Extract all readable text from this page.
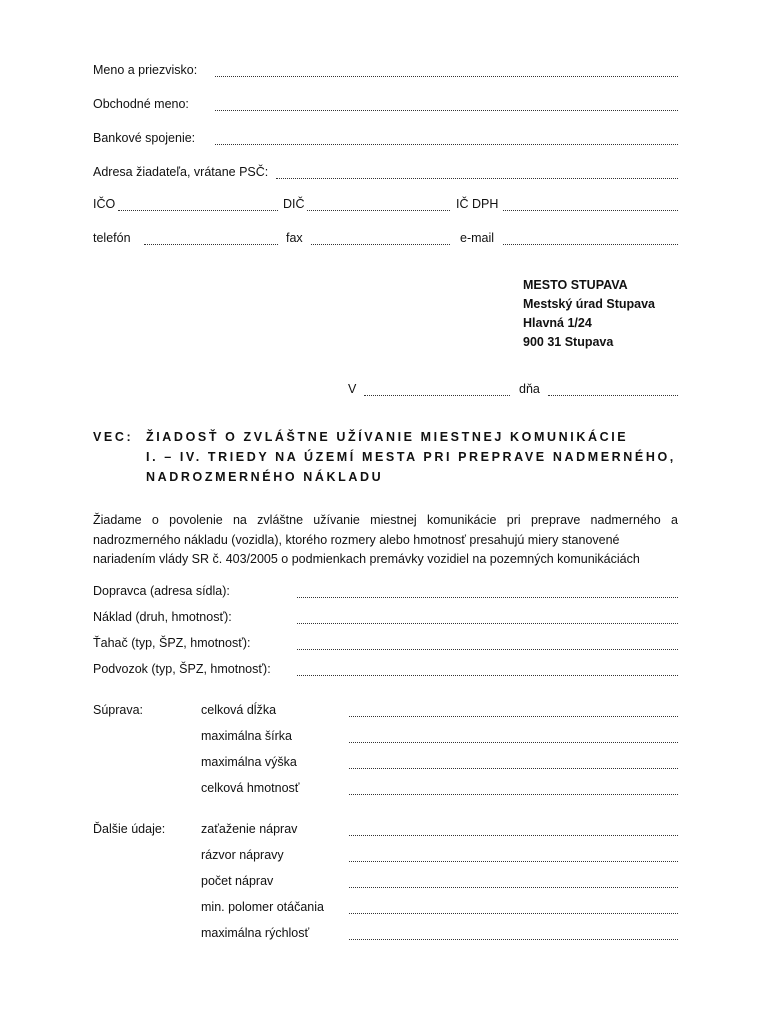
Meno a priezvisko:
Obchodné meno:
Bankové spojenie:
Adresa žiadateľa, vrátane PSČ:
IČO	DIČ	IČ DPH
telefón	fax	e-mail
MESTO STUPAVA
Mestský úrad Stupava
Hlavná 1/24
900 31 Stupava
V	dňa
VEC: ŽIADOSŤ O ZVLÁŠTNE UŽÍVANIE MIESTNEJ KOMUNIKÁCIE
I. – IV. TRIEDY NA ÚZEMÍ MESTA PRI PREPRAVE NADMERNÉHO,
NADROZMERNÉHO NÁKLADU
Žiadame o povolenie na zvláštne užívanie miestnej komunikácie pri preprave nadmerného a nadrozmerného nákladu (vozidla), ktorého rozmery alebo hmotnosť presahujú miery stanovené
nariadením vlády SR č. 403/2005 o podmienkach premávky vozidiel na pozemných komunikáciách
Dopravca (adresa sídla):
Náklad (druh, hmotnosť):
Ťahač (typ, ŠPZ, hmotnosť):
Podvozok (typ, ŠPZ, hmotnosť):
Súprava:	celková dĺžka
maximálna šírka
maximálna výška
celková hmotnosť
Ďalšie údaje:	zaťaženie náprav
rázvor nápravy
počet náprav
min. polomer otáčania
maximálna rýchlosť
